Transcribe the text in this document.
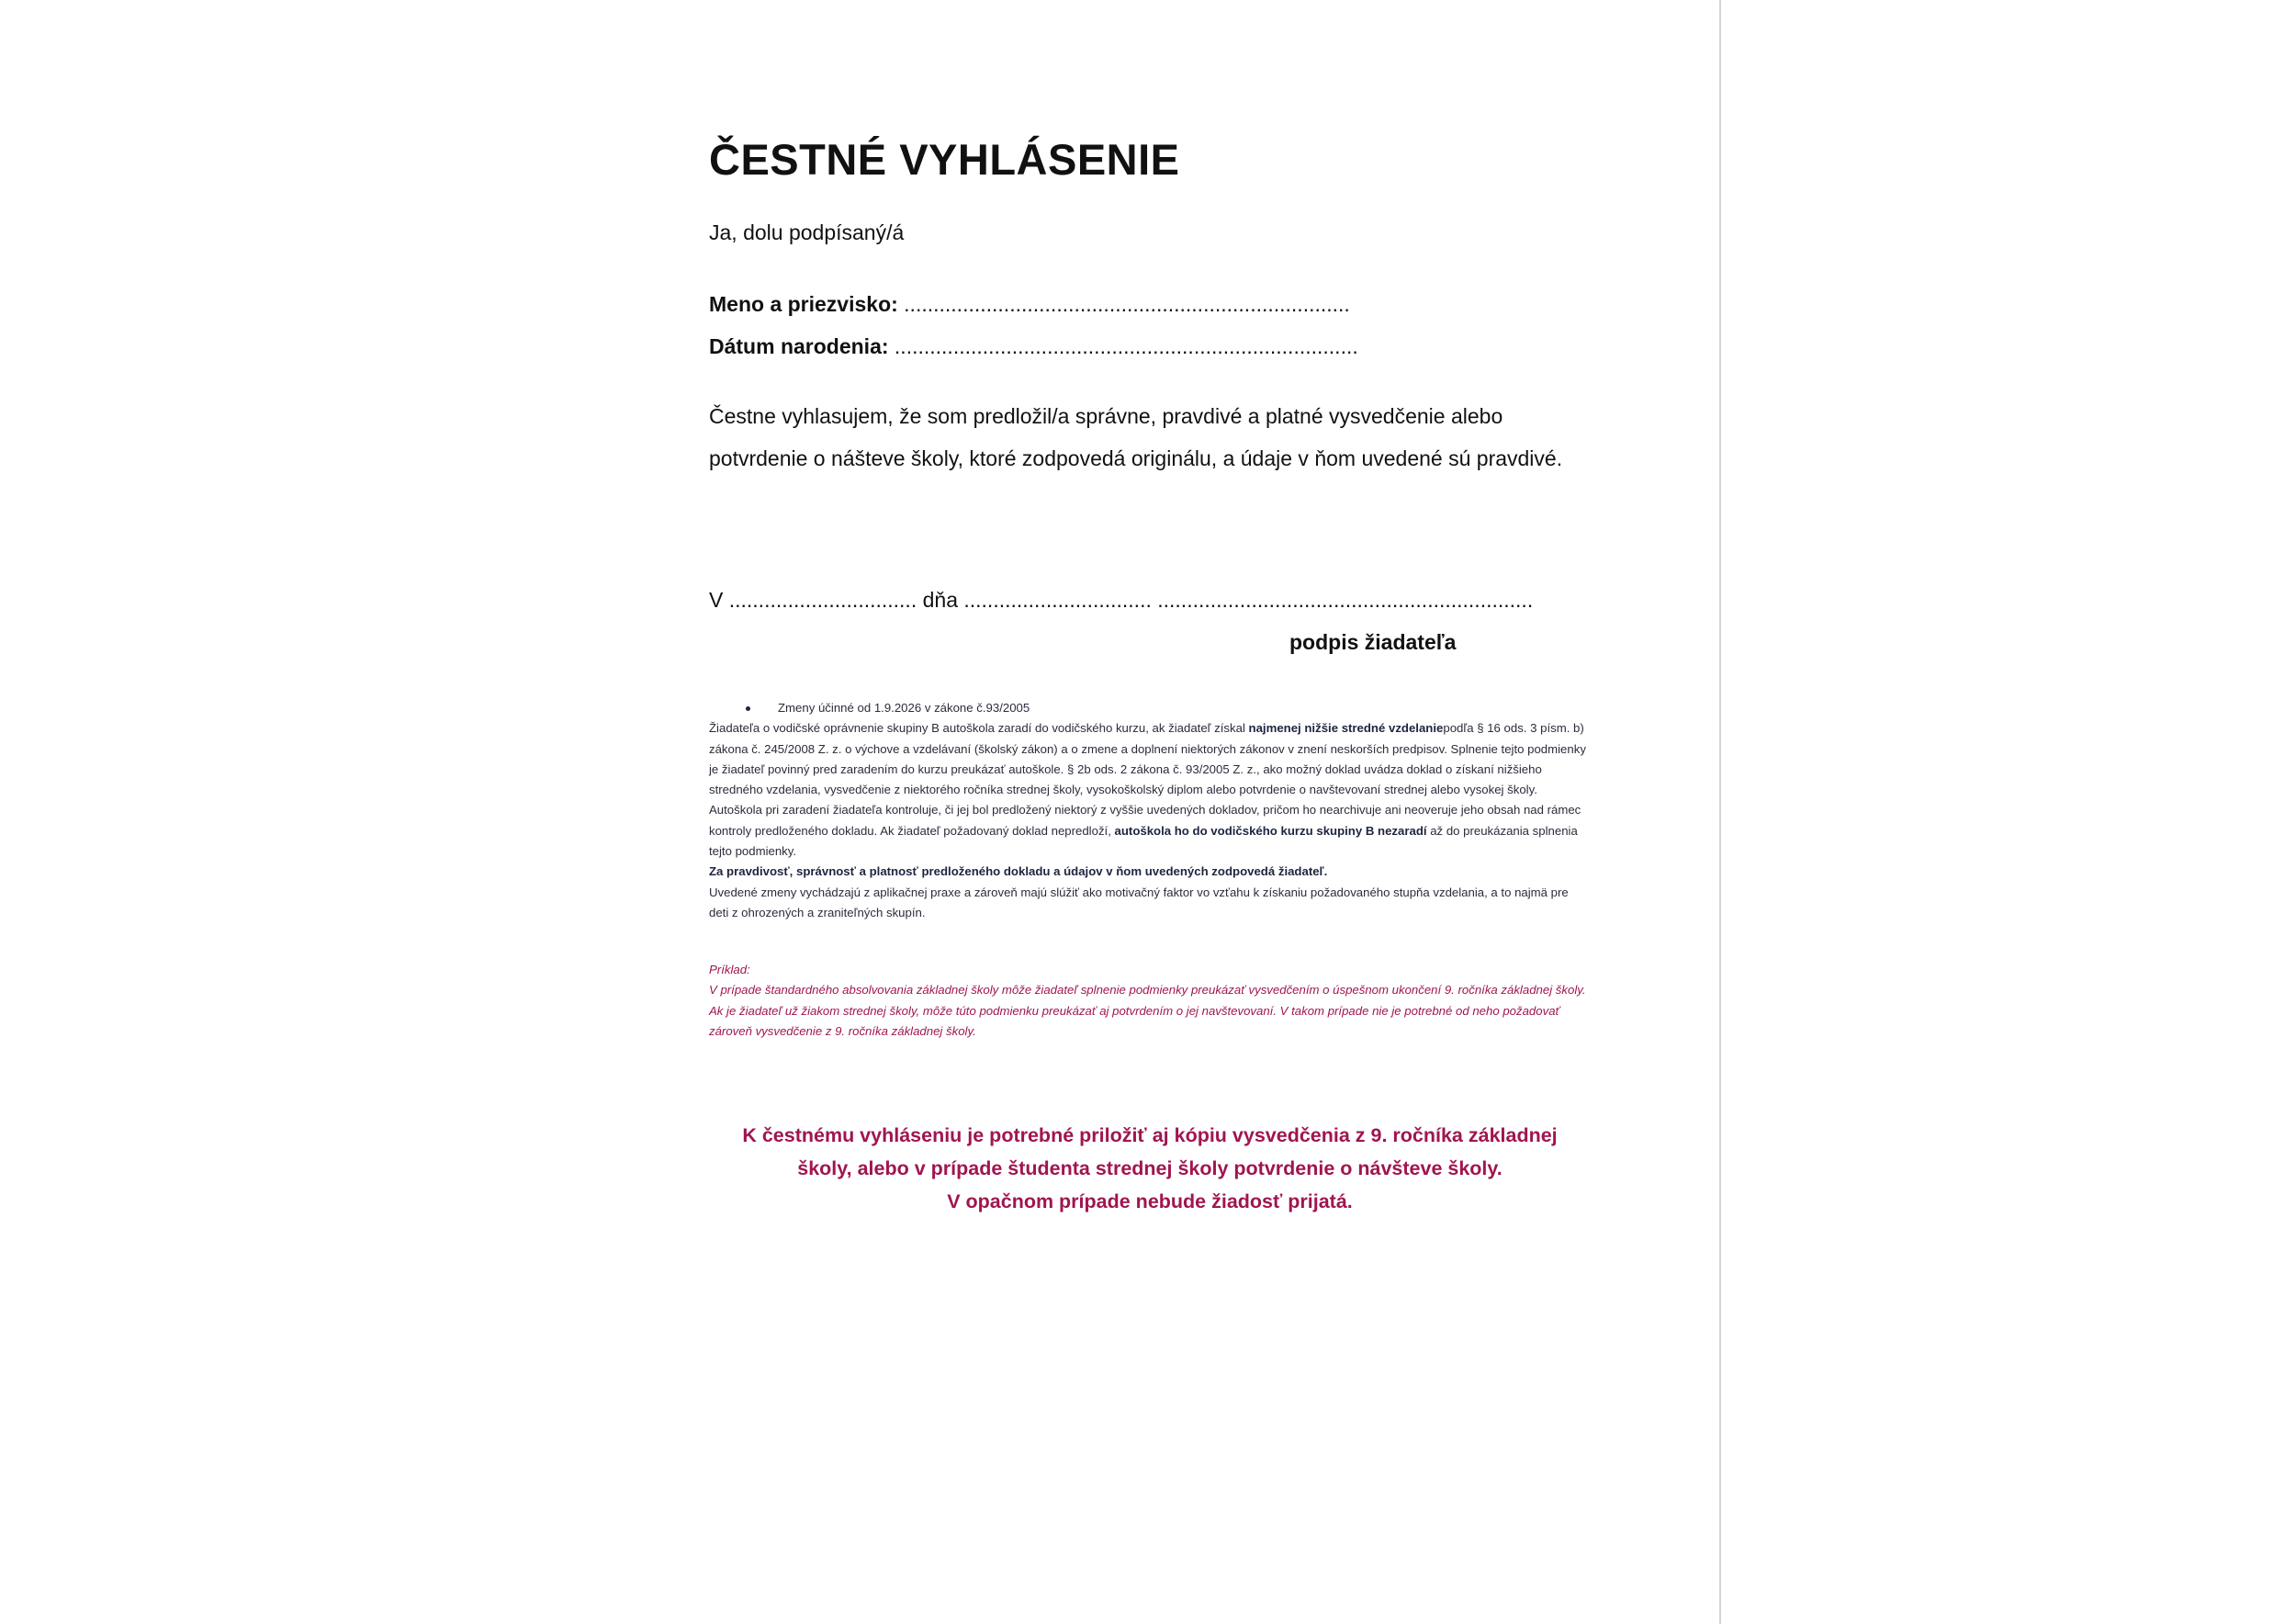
ČESTNÉ VYHLÁSENIE

Ja, dolu podpísaný/á

Meno a priezvisko: ............................................................................

Dátum narodenia: ...............................................................................

Čestne vyhlasujem, že som predložil/a správne, pravdivé a platné vysvedčenie alebo

potvrdenie o nášteve školy, ktoré zodpovedá originálu, a údaje v ňom uvedené sú pravdivé.

V ................................ dňa ................................ ................................................................

podpis žiadateľa

Zmeny účinné od 1.9.2026 v zákone č.93/2005

Žiadateľa o vodičské oprávnenie skupiny B autoškola zaradí do vodičského kurzu, ak žiadateľ získal najmenej nižšie stredné vzdelaniepodľa § 16 ods. 3 písm. b) zákona č. 245/2008 Z. z. o výchove a vzdelávaní (školský zákon) a o zmene a doplnení niektorých zákonov v znení neskorších predpisov. Splnenie tejto podmienky je žiadateľ povinný pred zaradením do kurzu preukázať autoškole. § 2b ods. 2 zákona č. 93/2005 Z. z., ako možný doklad uvádza doklad o získaní nižšieho stredného vzdelania, vysvedčenie z niektorého ročníka strednej školy, vysokoškolský diplom alebo potvrdenie o navštevovaní strednej alebo vysokej školy.

Autoškola pri zaradení žiadateľa kontroluje, či jej bol predložený niektorý z vyššie uvedených dokladov, pričom ho nearchivuje ani neoveruje jeho obsah nad rámec kontroly predloženého dokladu. Ak žiadateľ požadovaný doklad nepredloží, autoškola ho do vodičského kurzu skupiny B nezaradí až do preukázania splnenia tejto podmienky.

Za pravdivosť, správnosť a platnosť predloženého dokladu a údajov v ňom uvedených zodpovedá žiadateľ.

Uvedené zmeny vychádzajú z aplikačnej praxe a zároveň majú slúžiť ako motivačný faktor vo vzťahu k získaniu požadovaného stupňa vzdelania, a to najmä pre deti z ohrozených a zraniteľných skupín.

Príklad:

V prípade štandardného absolvovania základnej školy môže žiadateľ splnenie podmienky preukázať vysvedčením o úspešnom ukončení 9. ročníka základnej školy. Ak je žiadateľ už žiakom strednej školy, môže túto podmienku preukázať aj potvrdením o jej navštevovaní. V takom prípade nie je potrebné od neho požadovať zároveň vysvedčenie z 9. ročníka základnej školy.

K čestnému vyhláseniu je potrebné priložiť aj kópiu vysvedčenia z 9. ročníka základnej

školy, alebo v prípade študenta strednej školy potvrdenie o návšteve školy.

V opačnom prípade nebude žiadosť prijatá.
